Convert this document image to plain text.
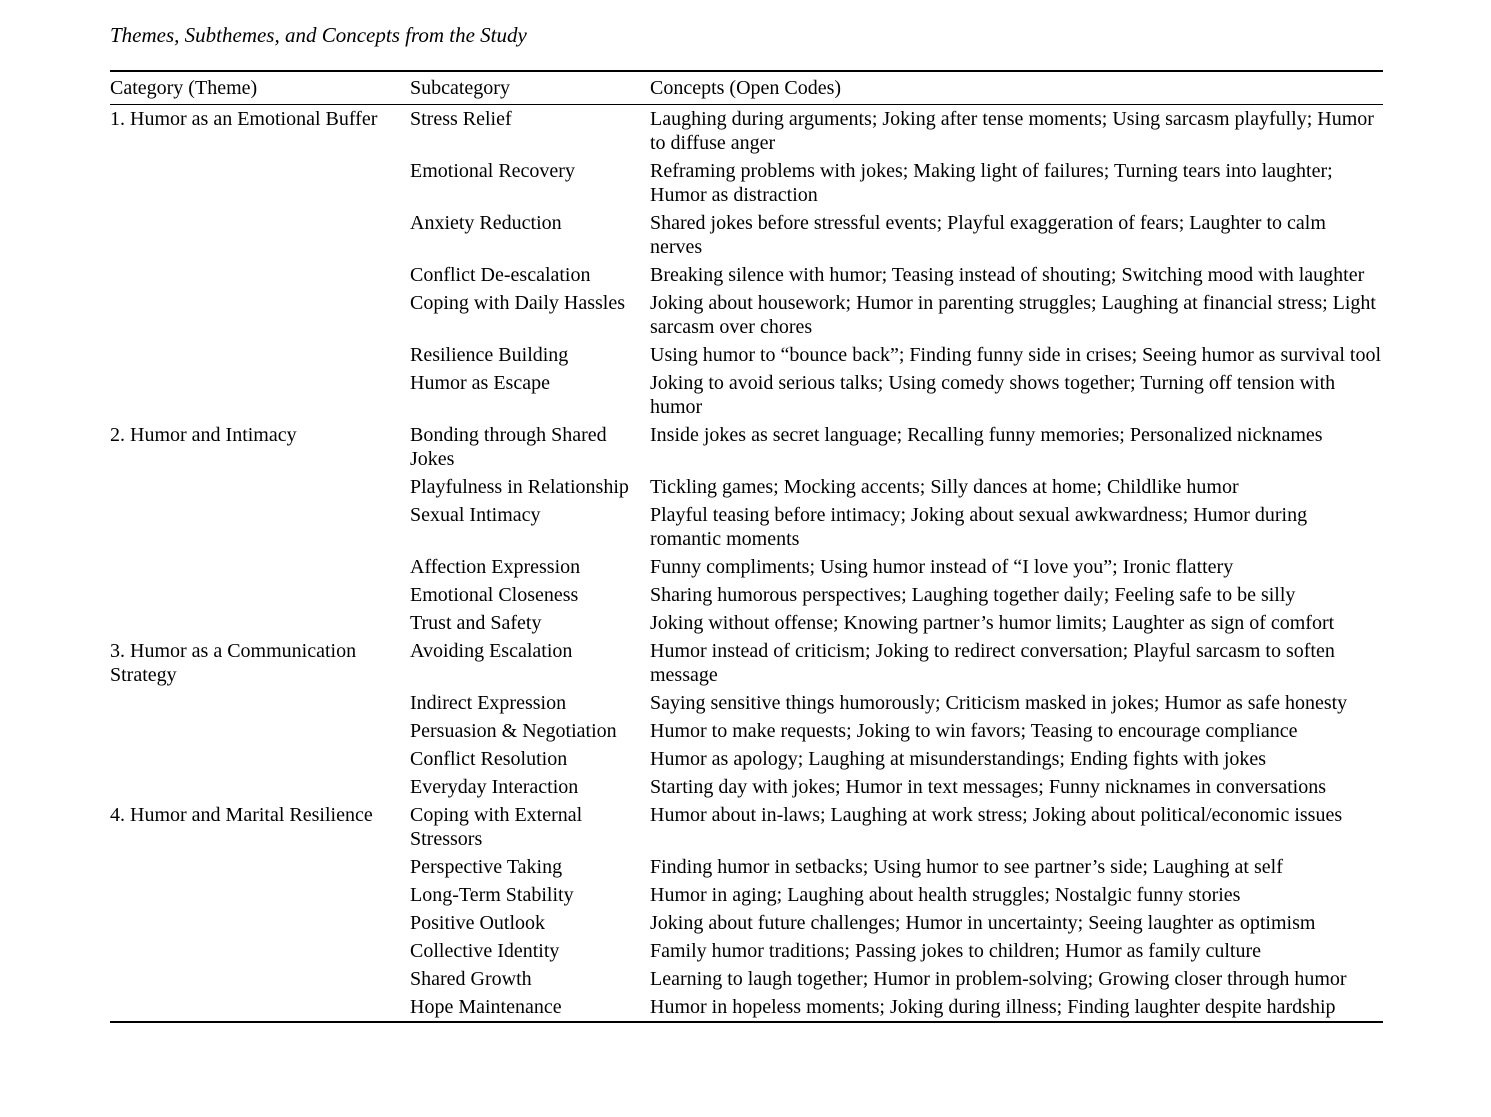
Themes, Subthemes, and Concepts from the Study
Category (Theme)	Subcategory	Concepts (Open Codes)
1. Humor as an Emotional Buffer	Stress Relief	Laughing during arguments; Joking after tense moments; Using sarcasm playfully; Humor to diffuse anger
	Emotional Recovery	Reframing problems with jokes; Making light of failures; Turning tears into laughter; Humor as distraction
	Anxiety Reduction	Shared jokes before stressful events; Playful exaggeration of fears; Laughter to calm nerves
	Conflict De-escalation	Breaking silence with humor; Teasing instead of shouting; Switching mood with laughter
	Coping with Daily Hassles	Joking about housework; Humor in parenting struggles; Laughing at financial stress; Light sarcasm over chores
	Resilience Building	Using humor to “bounce back”; Finding funny side in crises; Seeing humor as survival tool
	Humor as Escape	Joking to avoid serious talks; Using comedy shows together; Turning off tension with humor
2. Humor and Intimacy	Bonding through Shared Jokes	Inside jokes as secret language; Recalling funny memories; Personalized nicknames
	Playfulness in Relationship	Tickling games; Mocking accents; Silly dances at home; Childlike humor
	Sexual Intimacy	Playful teasing before intimacy; Joking about sexual awkwardness; Humor during romantic moments
	Affection Expression	Funny compliments; Using humor instead of “I love you”; Ironic flattery
	Emotional Closeness	Sharing humorous perspectives; Laughing together daily; Feeling safe to be silly
	Trust and Safety	Joking without offense; Knowing partner’s humor limits; Laughter as sign of comfort
3. Humor as a Communication Strategy	Avoiding Escalation	Humor instead of criticism; Joking to redirect conversation; Playful sarcasm to soften message
	Indirect Expression	Saying sensitive things humorously; Criticism masked in jokes; Humor as safe honesty
	Persuasion & Negotiation	Humor to make requests; Joking to win favors; Teasing to encourage compliance
	Conflict Resolution	Humor as apology; Laughing at misunderstandings; Ending fights with jokes
	Everyday Interaction	Starting day with jokes; Humor in text messages; Funny nicknames in conversations
4. Humor and Marital Resilience	Coping with External Stressors	Humor about in-laws; Laughing at work stress; Joking about political/economic issues
	Perspective Taking	Finding humor in setbacks; Using humor to see partner’s side; Laughing at self
	Long-Term Stability	Humor in aging; Laughing about health struggles; Nostalgic funny stories
	Positive Outlook	Joking about future challenges; Humor in uncertainty; Seeing laughter as optimism
	Collective Identity	Family humor traditions; Passing jokes to children; Humor as family culture
	Shared Growth	Learning to laugh together; Humor in problem-solving; Growing closer through humor
	Hope Maintenance	Humor in hopeless moments; Joking during illness; Finding laughter despite hardship
